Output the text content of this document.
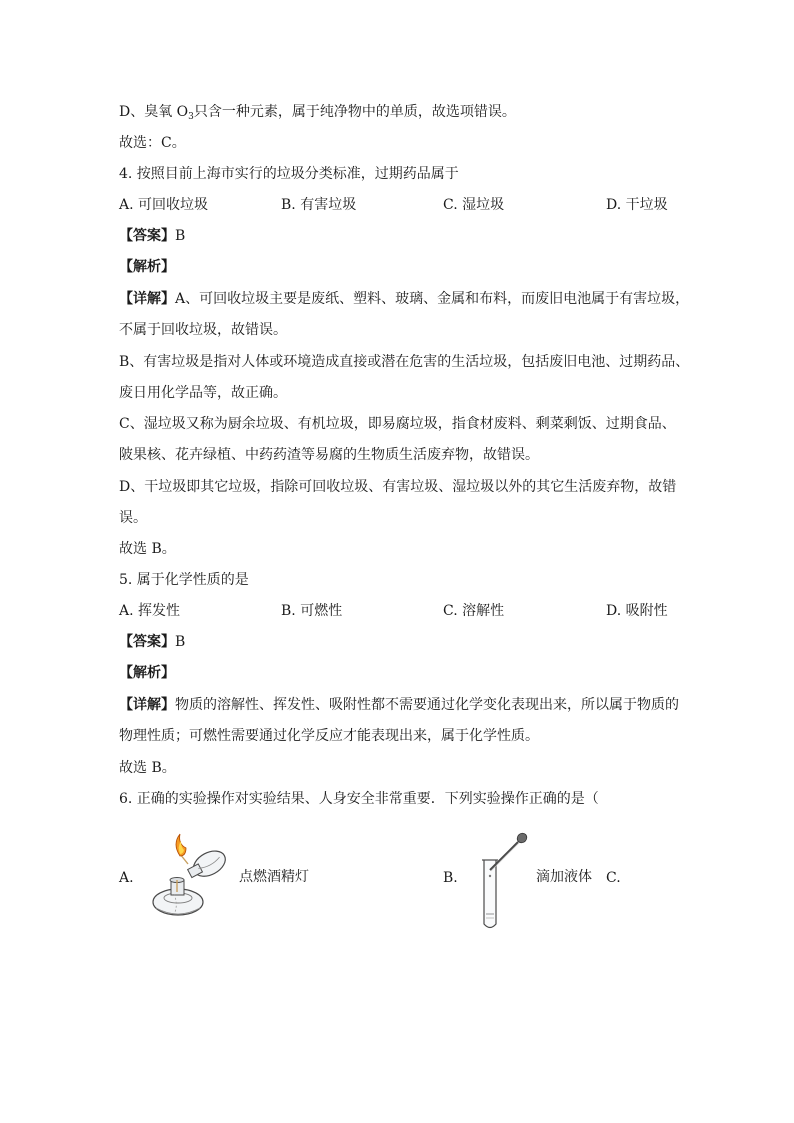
D、臭氧 $O_3$只含一种元素，属于纯净物中的单质，故选项错误。
故选：C。
4. 按照目前上海市实行的垃圾分类标准，过期药品属于
A. 可回收垃圾	B. 有害垃圾	C. 湿垃圾	D. 干垃圾
【答案】B
【解析】
【详解】A、可回收垃圾主要是废纸、塑料、玻璃、金属和布料，而废旧电池属于有害垃圾，
不属于回收垃圾，故错误。
B、有害垃圾是指对人体或环境造成直接或潜在危害的生活垃圾，包括废旧电池、过期药品、
废日用化学品等，故正确。
C、湿垃圾又称为厨余垃圾、有机垃圾，即易腐垃圾，指食材废料、剩菜剩饭、过期食品、
陂果核、花卉绿植、中药药渣等易腐的生物质生活废弃物，故错误。
D、干垃圾即其它垃圾，指除可回收垃圾、有害垃圾、湿垃圾以外的其它生活废弃物，故错
误。
故选 B。
5. 属于化学性质的是
A. 挥发性	B. 可燃性	C. 溶解性	D. 吸附性
【答案】B
【解析】
【详解】物质的溶解性、挥发性、吸附性都不需要通过化学变化表现出来，所以属于物质的
物理性质；可燃性需要通过化学反应才能表现出来，属于化学性质。
故选 B。
6. 正确的实验操作对实验结果、人身安全非常重要．下列实验操作正确的是（
A.	点燃酒精灯	B.	滴加液体 C.
